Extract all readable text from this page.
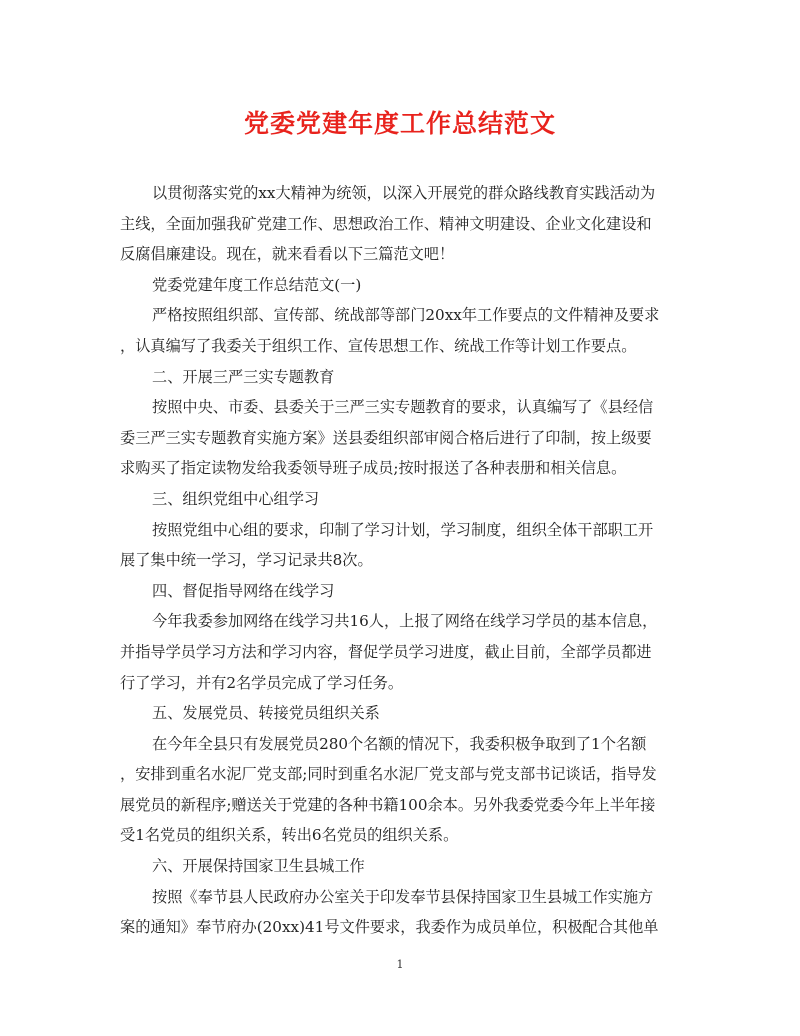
党委党建年度工作总结范文
以贯彻落实党的xx大精神为统领，以深入开展党的群众路线教育实践活动为
主线，全面加强我矿党建工作、思想政治工作、精神文明建设、企业文化建设和
反腐倡廉建设。现在，就来看看以下三篇范文吧！
党委党建年度工作总结范文(一)
严格按照组织部、宣传部、统战部等部门20xx年工作要点的文件精神及要求
，认真编写了我委关于组织工作、宣传思想工作、统战工作等计划工作要点。
二、开展三严三实专题教育
按照中央、市委、县委关于三严三实专题教育的要求，认真编写了《县经信
委三严三实专题教育实施方案》送县委组织部审阅合格后进行了印制，按上级要
求购买了指定读物发给我委领导班子成员;按时报送了各种表册和相关信息。
三、组织党组中心组学习
按照党组中心组的要求，印制了学习计划，学习制度，组织全体干部职工开
展了集中统一学习，学习记录共8次。
四、督促指导网络在线学习
今年我委参加网络在线学习共16人，上报了网络在线学习学员的基本信息，
并指导学员学习方法和学习内容，督促学员学习进度，截止目前，全部学员都进
行了学习，并有2名学员完成了学习任务。
五、发展党员、转接党员组织关系
在今年全县只有发展党员280个名额的情况下，我委积极争取到了1个名额
，安排到重名水泥厂党支部;同时到重名水泥厂党支部与党支部书记谈话，指导发
展党员的新程序;赠送关于党建的各种书籍100余本。另外我委党委今年上半年接
受1名党员的组织关系，转出6名党员的组织关系。
六、开展保持国家卫生县城工作
按照《奉节县人民政府办公室关于印发奉节县保持国家卫生县城工作实施方
案的通知》奉节府办(20xx)41号文件要求，我委作为成员单位，积极配合其他单
1
